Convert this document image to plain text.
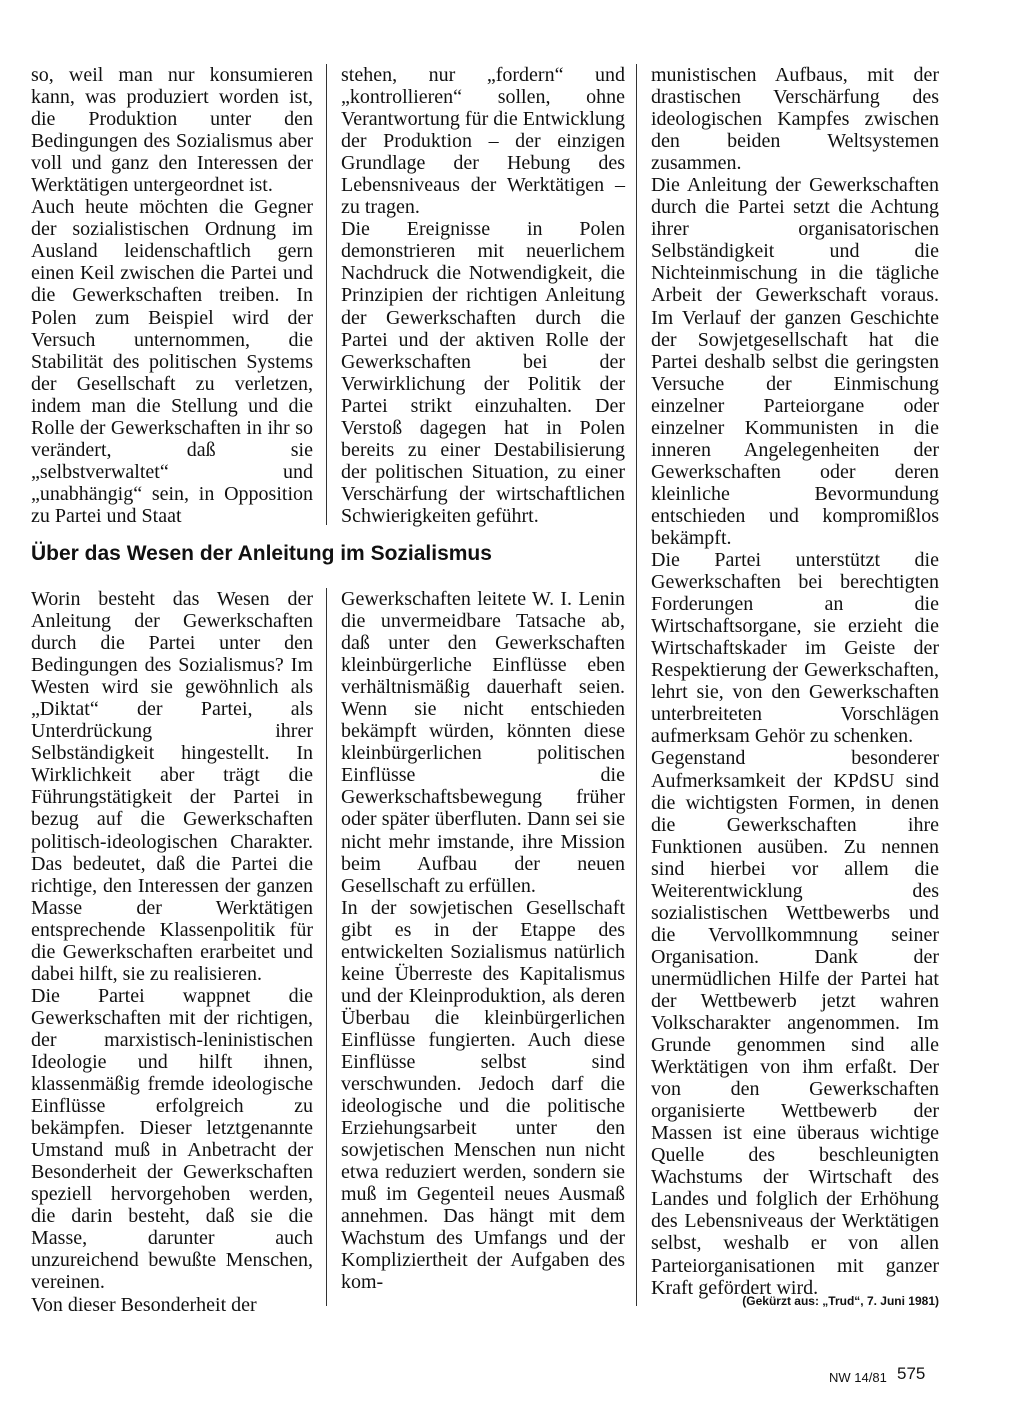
so, weil man nur konsumieren kann, was produziert worden ist, die Produktion unter den Bedingungen des Sozialismus aber voll und ganz den Interessen der Werktätigen untergeordnet ist.

Auch heute möchten die Gegner der sozialistischen Ordnung im Ausland leidenschaftlich gern einen Keil zwischen die Partei und die Gewerkschaften treiben. In Polen zum Beispiel wird der Versuch unternommen, die Stabilität des politischen Systems der Gesellschaft zu verletzen, indem man die Stellung und die Rolle der Gewerkschaften in ihr so verändert, daß sie „selbstverwaltet“ und „unabhängig“ sein, in Opposition zu Partei und Staat

stehen, nur „fordern“ und „kontrollieren“ sollen, ohne Verantwortung für die Entwicklung der Produktion – der einzigen Grundlage der Hebung des Lebensniveaus der Werktätigen – zu tragen.

Die Ereignisse in Polen demonstrieren mit neuerlichem Nachdruck die Notwendigkeit, die Prinzipien der richtigen Anleitung der Gewerkschaften durch die Partei und der aktiven Rolle der Gewerkschaften bei der Verwirklichung der Politik der Partei strikt einzuhalten. Der Verstoß dagegen hat in Polen bereits zu einer Destabilisierung der politischen Situation, zu einer Verschärfung der wirtschaftlichen Schwierigkeiten geführt.

munistischen Aufbaus, mit der drastischen Verschärfung des ideologischen Kampfes zwischen den beiden Weltsystemen zusammen.

Die Anleitung der Gewerkschaften durch die Partei setzt die Achtung ihrer organisatorischen Selbständigkeit und die Nichteinmischung in die tägliche Arbeit der Gewerkschaft voraus. Im Verlauf der ganzen Geschichte der Sowjetgesellschaft hat die Partei deshalb selbst die geringsten Versuche der Einmischung einzelner Parteiorgane oder einzelner Kommunisten in die inneren Angelegenheiten der Gewerkschaften oder deren kleinliche Bevormundung entschieden und kompromißlos bekämpft.

Die Partei unterstützt die Gewerkschaften bei berechtigten Forderungen an die Wirtschaftsorgane, sie erzieht die Wirtschaftskader im Geiste der Respektierung der Gewerkschaften, lehrt sie, von den Gewerkschaften unterbreiteten Vorschlägen aufmerksam Gehör zu schenken.

Gegenstand besonderer Aufmerksamkeit der KPdSU sind die wichtigsten Formen, in denen die Gewerkschaften ihre Funktionen ausüben. Zu nennen sind hierbei vor allem die Weiterentwicklung des sozialistischen Wettbewerbs und die Vervollkommnung seiner Organisation. Dank der unermüdlichen Hilfe der Partei hat der Wettbewerb jetzt wahren Volkscharakter angenommen. Im Grunde genommen sind alle Werktätigen von ihm erfaßt. Der von den Gewerkschaften organisierte Wettbewerb der Massen ist eine überaus wichtige Quelle des beschleunigten Wachstums der Wirtschaft des Landes und folglich der Erhöhung des Lebensniveaus der Werktätigen selbst, weshalb er von allen Parteiorganisationen mit ganzer Kraft gefördert wird.

Über das Wesen der Anleitung im Sozialismus

Worin besteht das Wesen der Anleitung der Gewerkschaften durch die Partei unter den Bedingungen des Sozialismus? Im Westen wird sie gewöhnlich als „Diktat“ der Partei, als Unterdrückung ihrer Selbständigkeit hingestellt. In Wirklichkeit aber trägt die Führungstätigkeit der Partei in bezug auf die Gewerkschaften politisch-ideologischen Charakter. Das bedeutet, daß die Partei die richtige, den Interessen der ganzen Masse der Werktätigen entsprechende Klassenpolitik für die Gewerkschaften erarbeitet und dabei hilft, sie zu realisieren.

Die Partei wappnet die Gewerkschaften mit der richtigen, der marxistisch-leninistischen Ideologie und hilft ihnen, klassenmäßig fremde ideologische Einflüsse erfolgreich zu bekämpfen. Dieser letztgenannte Umstand muß in Anbetracht der Besonderheit der Gewerkschaften speziell hervorgehoben werden, die darin besteht, daß sie die Masse, darunter auch unzureichend bewußte Menschen, vereinen.

Von dieser Besonderheit der

Gewerkschaften leitete W. I. Lenin die unvermeidbare Tatsache ab, daß unter den Gewerkschaften kleinbürgerliche Einflüsse eben verhältnismäßig dauerhaft seien. Wenn sie nicht entschieden bekämpft würden, könnten diese kleinbürgerlichen politischen Einflüsse die Gewerkschaftsbewegung früher oder später überfluten. Dann sei sie nicht mehr imstande, ihre Mission beim Aufbau der neuen Gesellschaft zu erfüllen.

In der sowjetischen Gesellschaft gibt es in der Etappe des entwickelten Sozialismus natürlich keine Überreste des Kapitalismus und der Kleinproduktion, als deren Überbau die kleinbürgerlichen Einflüsse fungierten. Auch diese Einflüsse selbst sind verschwunden. Jedoch darf die ideologische und die politische Erziehungsarbeit unter den sowjetischen Menschen nun nicht etwa reduziert werden, sondern sie muß im Gegenteil neues Ausmaß annehmen. Das hängt mit dem Wachstum des Umfangs und der Kompliziertheit der Aufgaben des kom-

(Gekürzt aus: „Trud“, 7. Juni 1981)
NW 14/81 575
